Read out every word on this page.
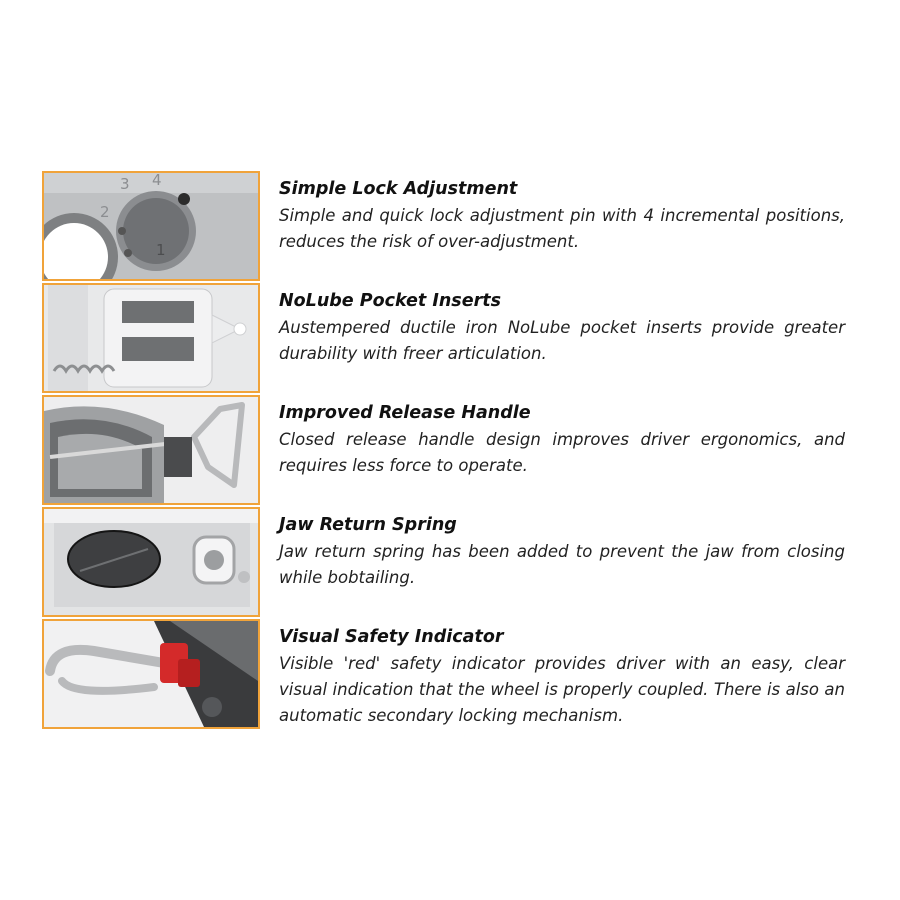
1
2
3 4	Simple Lock Adjustment

Simple and quick lock adjustment pin with 4 incremental positions, reduces the risk of over-adjustment.

NoLube Pocket Inserts

Austempered ductile iron NoLube pocket inserts provide greater durability with freer articulation.

Improved Release Handle

Closed release handle design improves driver ergonomics, and requires less force to operate.

Jaw Return Spring

Jaw return spring has been added to prevent the jaw from closing while bobtailing.

Visual Safety Indicator

Visible 'red' safety indicator provides driver with an easy, clear visual indication that the wheel is properly coupled. There is also an automatic secondary locking mechanism.
